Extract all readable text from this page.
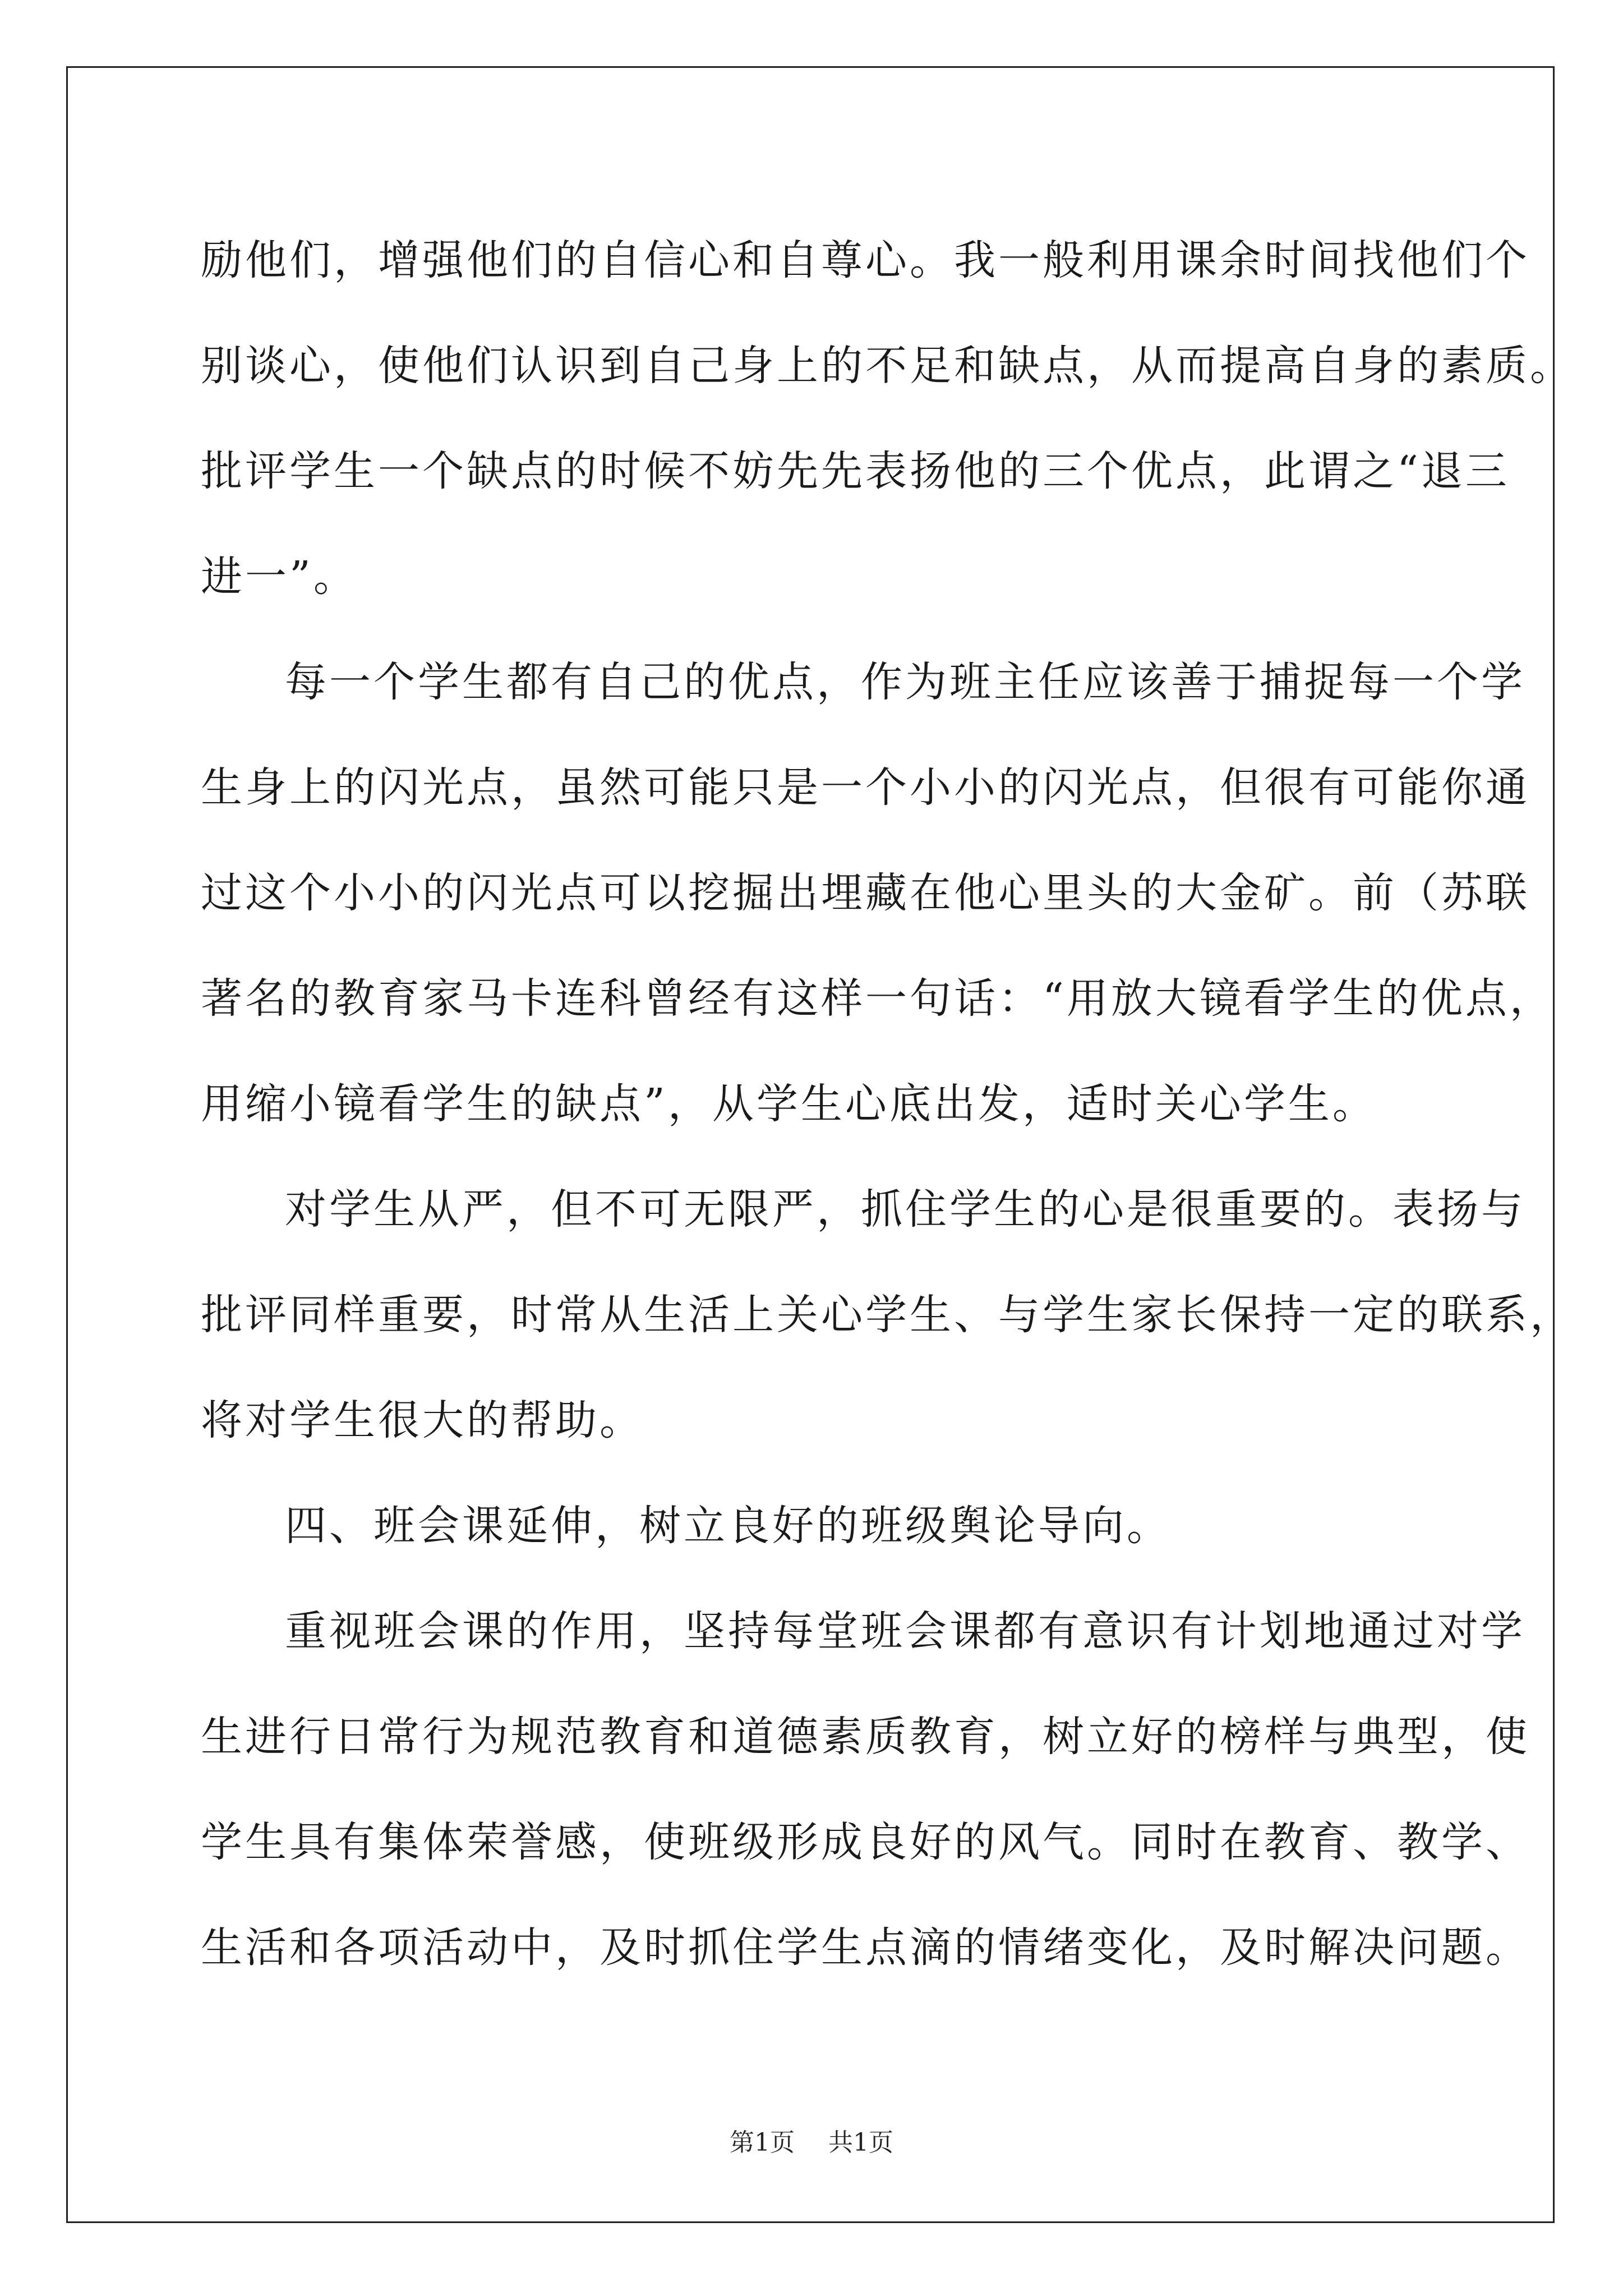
励他们，增强他们的自信心和自尊心。我一般利用课余时间找他们个
别谈心，使他们认识到自己身上的不足和缺点，从而提高自身的素质。
批评学生一个缺点的时候不妨先先表扬他的三个优点，此谓之“退三
进一”。
每一个学生都有自己的优点，作为班主任应该善于捕捉每一个学
生身上的闪光点，虽然可能只是一个小小的闪光点，但很有可能你通
过这个小小的闪光点可以挖掘出埋藏在他心里头的大金矿。前（苏联
著名的教育家马卡连科曾经有这样一句话：“用放大镜看学生的优点，
用缩小镜看学生的缺点”，从学生心底出发，适时关心学生。
对学生从严，但不可无限严，抓住学生的心是很重要的。表扬与
批评同样重要，时常从生活上关心学生、与学生家长保持一定的联系，
将对学生很大的帮助。
四、班会课延伸，树立良好的班级舆论导向。
重视班会课的作用，坚持每堂班会课都有意识有计划地通过对学
生进行日常行为规范教育和道德素质教育，树立好的榜样与典型，使
学生具有集体荣誉感，使班级形成良好的风气。同时在教育、教学、
生活和各项活动中，及时抓住学生点滴的情绪变化，及时解决问题。
第1页 共1页
